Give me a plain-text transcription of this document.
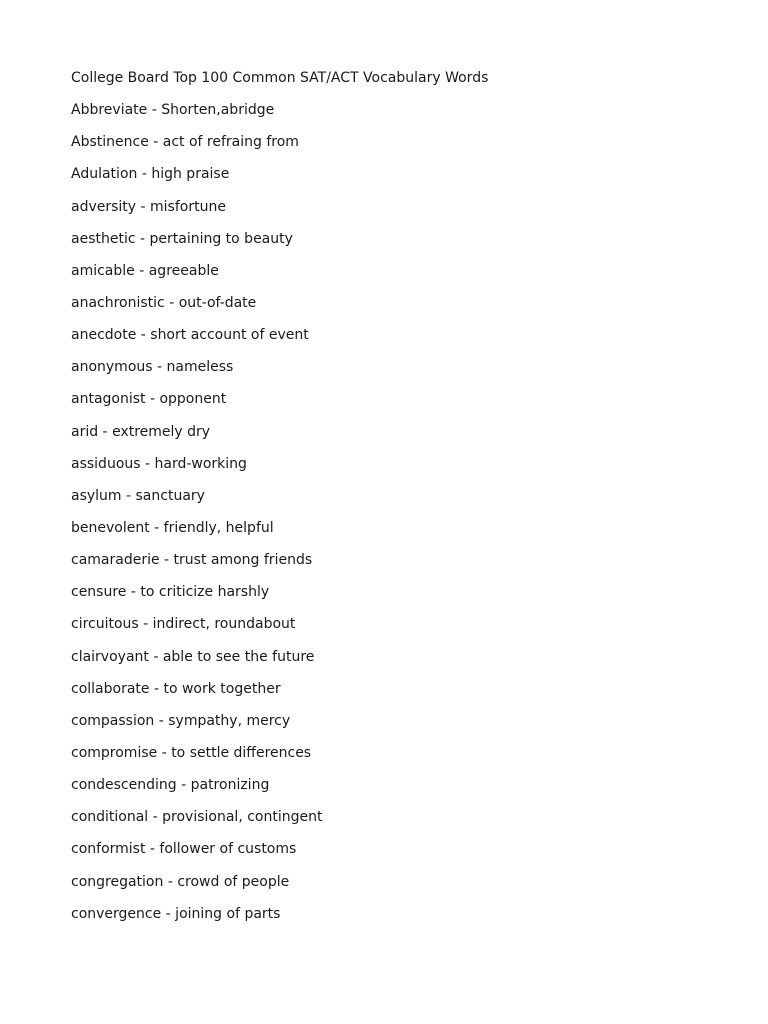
College Board Top 100 Common SAT/ACT Vocabulary Words
Abbreviate - Shorten,abridge
Abstinence - act of refraing from
Adulation - high praise
adversity - misfortune
aesthetic - pertaining to beauty
amicable - agreeable
anachronistic - out-of-date
anecdote - short account of event
anonymous - nameless
antagonist - opponent
arid - extremely dry
assiduous - hard-working
asylum - sanctuary
benevolent - friendly, helpful
camaraderie - trust among friends
censure - to criticize harshly
circuitous - indirect, roundabout
clairvoyant - able to see the future
collaborate - to work together
compassion - sympathy, mercy
compromise - to settle differences
condescending - patronizing
conditional - provisional, contingent
conformist - follower of customs
congregation - crowd of people
convergence - joining of parts
